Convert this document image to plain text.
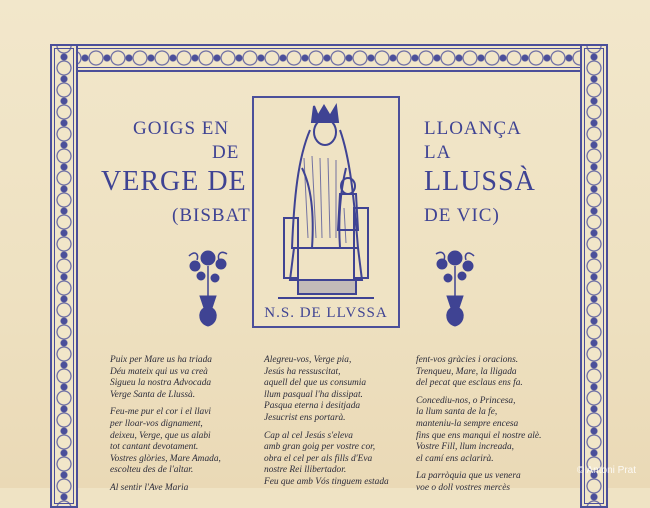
GOIGS EN
DE
VERGE DE
(BISBAT
LLOANÇA
LA
LLUSSÀ
DE VIC)
N.S. DE LLVSSA
Puix per Mare us ha triada
Déu mateix qui us va creà
Sigueu la nostra Advocada
Verge Santa de Llussà.
Feu-me pur el cor i el llavi
per lloar-vos dignament,
deixeu, Verge, que us alabi
tot cantant devotament.
Vostres glòries, Mare Amada,
escolteu des de l'altar.
Al sentir l'Ave Maria
Alegreu-vos, Verge pia,
Jesús ha ressuscitat,
aquell del que us consumia
llum pasqual l'ha dissipat.
Pasqua eterna i desitjada
Jesucrist ens portarà.
Cap al cel Jesús s'eleva
amb gran goig per vostre cor,
obra el cel per als fills d'Eva
nostre Rei llibertador.
Feu que amb Vós tinguem estada
fent-vos gràcies i oracions.
Trenqueu, Mare, la lligada
del pecat que esclaus ens fa.
Concediu-nos, o Princesa,
la llum santa de la fe,
manteniu-la sempre encesa
fins que ens manqui el nostre alè.
Vostre Fill, llum increada,
el camí ens aclarirà.
La parròquia que us venera
voe o doll vostres mercès
© Antoni Prat
